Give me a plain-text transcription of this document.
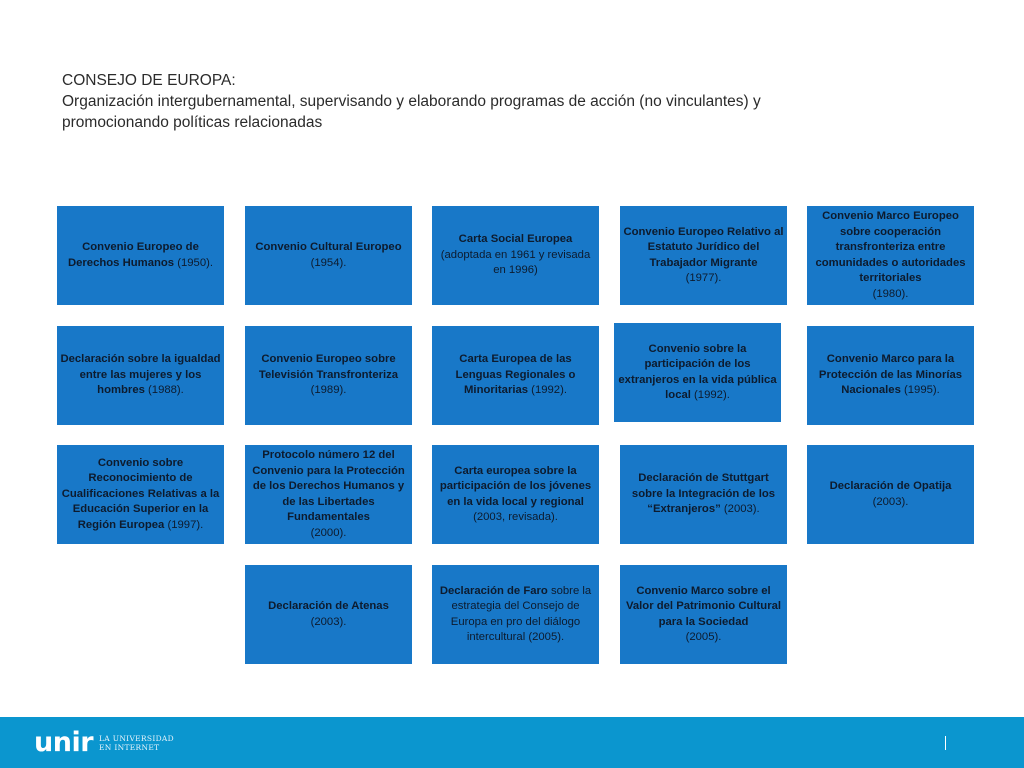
CONSEJO DE EUROPA:
Organización intergubernamental, supervisando y elaborando programas de acción (no vinculantes) y
promocionando políticas relacionadas

Convenio Europeo de Derechos Humanos (1950).

Convenio Cultural Europeo (1954).

Carta Social Europea

(adoptada en 1961 y revisada en 1996)

Convenio Europeo Relativo al Estatuto Jurídico del Trabajador Migrante

(1977).

Convenio Marco Europeo sobre cooperación transfronteriza entre comunidades o autoridades territoriales

(1980).

Declaración sobre la igualdad entre las mujeres y los hombres (1988).

Convenio Europeo sobre Televisión Transfronteriza

(1989).

Carta Europea de las Lenguas Regionales o Minoritarias (1992).

Convenio sobre la participación de los extranjeros en la vida pública local (1992).

Convenio Marco para la Protección de las Minorías Nacionales (1995).

Convenio sobre Reconocimiento de Cualificaciones Relativas a la Educación Superior en la Región Europea (1997).

Protocolo número 12 del Convenio para la Protección de los Derechos Humanos y de las Libertades Fundamentales

(2000).

Carta europea sobre la participación de los jóvenes en la vida local y regional (2003, revisada).

Declaración de Stuttgart sobre la Integración de los “Extranjeros” (2003).

Declaración de Opatija

(2003).

Declaración de Atenas

(2003).

Declaración de Faro sobre la estrategia del Consejo de Europa en pro del diálogo intercultural (2005).

Convenio Marco sobre el Valor del Patrimonio Cultural para la Sociedad

(2005).

unir LA UNIVERSIDAD
EN INTERNET
